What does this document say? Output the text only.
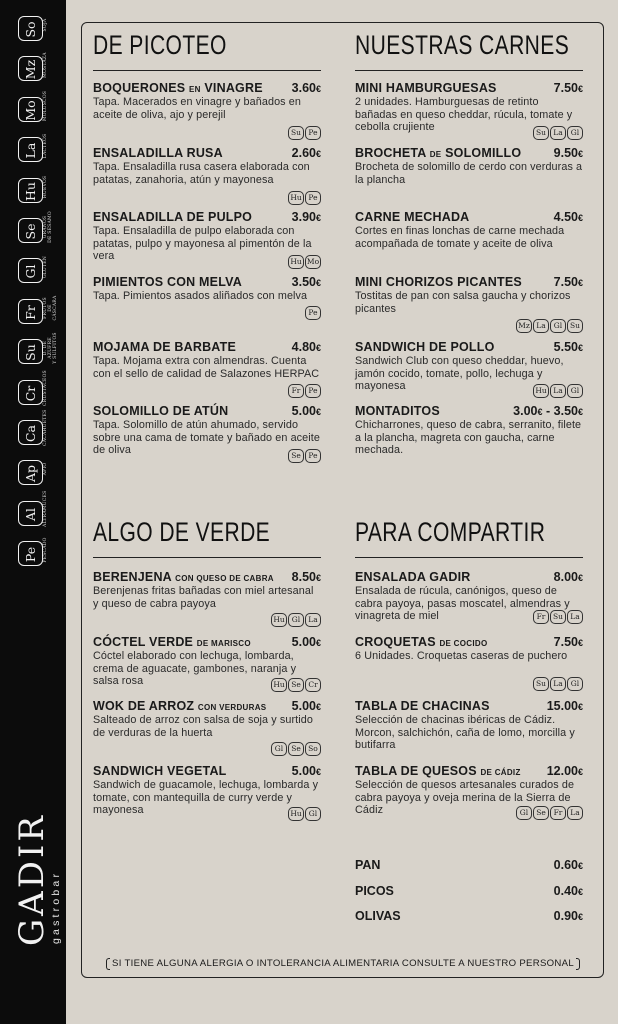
So	SOJA
Mz	MOSTAZA
Mo	MOLUSCOS
La	LÁCTEOS
Hu	HUEVOS
Se	GRANOS
DE SÉSAMO
Gl	GLUTEN
Fr	FRUTOS
DE CÁSCARA
Su	D. DE AZUFRE
Y SULFITOS
Cr	CRUSTÁCEOS
Ca	CACAHUETES
Ap	APIO
Al	ALTRAMUCES
Pe	PESCADO
GADIR
gastrobar
DE PICOTEO
BOQUERONES EN VINAGRE 3.60€
Tapa. Macerados en vinagre y bañados en aceite de oliva, ajo y perejil
Su Pe
ENSALADILLA RUSA	2.60€
Tapa. Ensaladilla rusa casera elaborada con patatas, zanahoria, atún y mayonesa
Hu Pe
ENSALADILLA DE PULPO	3.90€
Tapa. Ensaladilla de pulpo elaborada con patatas, pulpo y mayonesa al pimentón de la vera	Hu Mo
PIMIENTOS CON MELVA	3.50€
Tapa. Pimientos asados aliñados con melva
Pe
MOJAMA DE BARBATE	4.80€
Tapa. Mojama extra con almendras. Cuenta con el sello de calidad de Salazones HERPAC
Fr	Pe
SOLOMILLO DE ATÚN	5.00€
Tapa. Solomillo de atún ahumado, servido sobre una cama de tomate y bañado en aceite de oliva	Se	Pe
NUESTRAS CARNES
MINI HAMBURGUESAS	7.50€
2 unidades. Hamburguesas de retinto bañadas en queso cheddar, rúcula, tomate y cebolla crujiente	Su La	Gl
BROCHETA DE SOLOMILLO	9.50€
Brocheta de solomillo de cerdo con verduras a la plancha
CARNE MECHADA	4.50€
Cortes en finas lonchas de carne mechada acompañada de tomate y aceite de oliva
MINI CHORIZOS PICANTES	7.50€
Tostitas de pan con salsa gaucha y chorizos picantes
Mz La	Gl	Su
SANDWICH DE POLLO	5.50€
Sandwich Club con queso cheddar, huevo, jamón cocido, tomate, pollo, lechuga y mayonesa	Hu La	Gl
MONTADITOS	3.00€ - 3.50€
Chicharrones, queso de cabra, serranito, filete a la plancha, magreta con gaucha, carne mechada.
ALGO DE VERDE
BERENJENA CON QUESO DE CABRA 8.50€
Berenjenas fritas bañadas con miel artesanal y queso de cabra payoya
Hu Gl	La
CÓCTEL VERDE DE MARISCO	5.00€
Cóctel elaborado con lechuga, lombarda, crema de aguacate, gambones, naranja y salsa rosa	Hu Se	Cr
WOK DE ARROZ CON VERDURAS 5.00€
Salteado de arroz con salsa de soja y surtido de verduras de la huerta
Gl	Se So
SANDWICH VEGETAL	5.00€
Sandwich de guacamole, lechuga, lombarda y tomate, con mantequilla de curry verde y mayonesa	Hu Gl
PARA COMPARTIR
ENSALADA GADIR	8.00€
Ensalada de rúcula, canónigos, queso de cabra payoya, pasas moscatel, almendras y vinagreta de miel	Fr	Su La
CROQUETAS DE COCIDO	7.50€
6 Unidades. Croquetas caseras de puchero
Su La	Gl
TABLA DE CHACINAS	15.00€
Selección de chacinas ibéricas de Cádiz. Morcon, salchichón, caña de lomo, morcilla y butifarra
TABLA DE QUESOS DE CÁDIZ 12.00€
Selección de quesos artesanales curados de cabra payoya y oveja merina de la Sierra de Cádiz	Gl	Se	Fr	La
PAN	0.60€
PICOS	0.40€
OLIVAS	0.90€
SI TIENE ALGUNA ALERGIA O INTOLERANCIA ALIMENTARIA CONSULTE A NUESTRO PERSONAL
